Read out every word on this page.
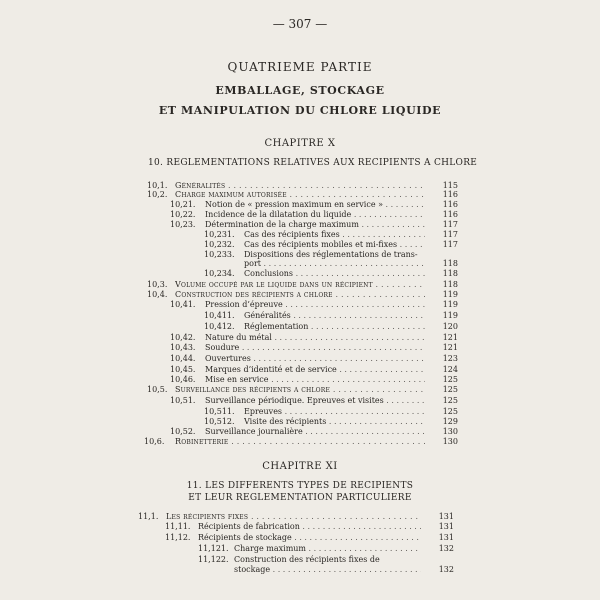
— 307 —
QUATRIEME PARTIE
EMBALLAGE, STOCKAGE
ET MANIPULATION DU CHLORE LIQUIDE
CHAPITRE X
10. REGLEMENTATIONS RELATIVES AUX RECIPIENTS A CHLORE
10,1. Généralités . . .	115
10,2. Charge maximum autorisée . . .	116
10,21. Notion de « pression maximum en service » . . .	116
10,22. Incidence de la dilatation du liquide . . .	116
10,23. Détermination de la charge maximum . . .	117
10,231. Cas des récipients fixes . . .	117
10,232. Cas des récipients mobiles et mi-fixes . . .	117
10,233. Dispositions des réglementations de trans-
port . . .	118
10,234. Conclusions . . .	118
10,3. Volume occupé par le liquide dans un récipient . . .	118
10,4. Construction des récipients a chlore . . .	119
10,41. Pression d’épreuve . . .	119
10,411. Généralités . . .	119
10,412. Réglementation . . .	120
10,42. Nature du métal . . .	121
10,43. Soudure . . .	121
10,44. Ouvertures . . .	123
10,45. Marques d’identité et de service . . .	124
10,46. Mise en service . . .	125
10,5. Surveillance des récipients a chlore . . .	125
10,51. Surveillance périodique. Epreuves et visites . . .	125
10,511. Epreuves . . .	125
10,512. Visite des récipients . . .	129
10,52. Surveillance journalière . . .	130
10,6. Robinetterie . . .	130
CHAPITRE XI
11. LES DIFFERENTS TYPES DE RECIPIENTS
ET LEUR REGLEMENTATION PARTICULIERE
11,1. Les récipients fixes . . .	131
11,11. Récipients de fabrication . . .	131
11,12. Récipients de stockage . . .	131
11,121. Charge maximum . . .	132
11,122. Construction des récipients fixes de
stockage . . .	132
